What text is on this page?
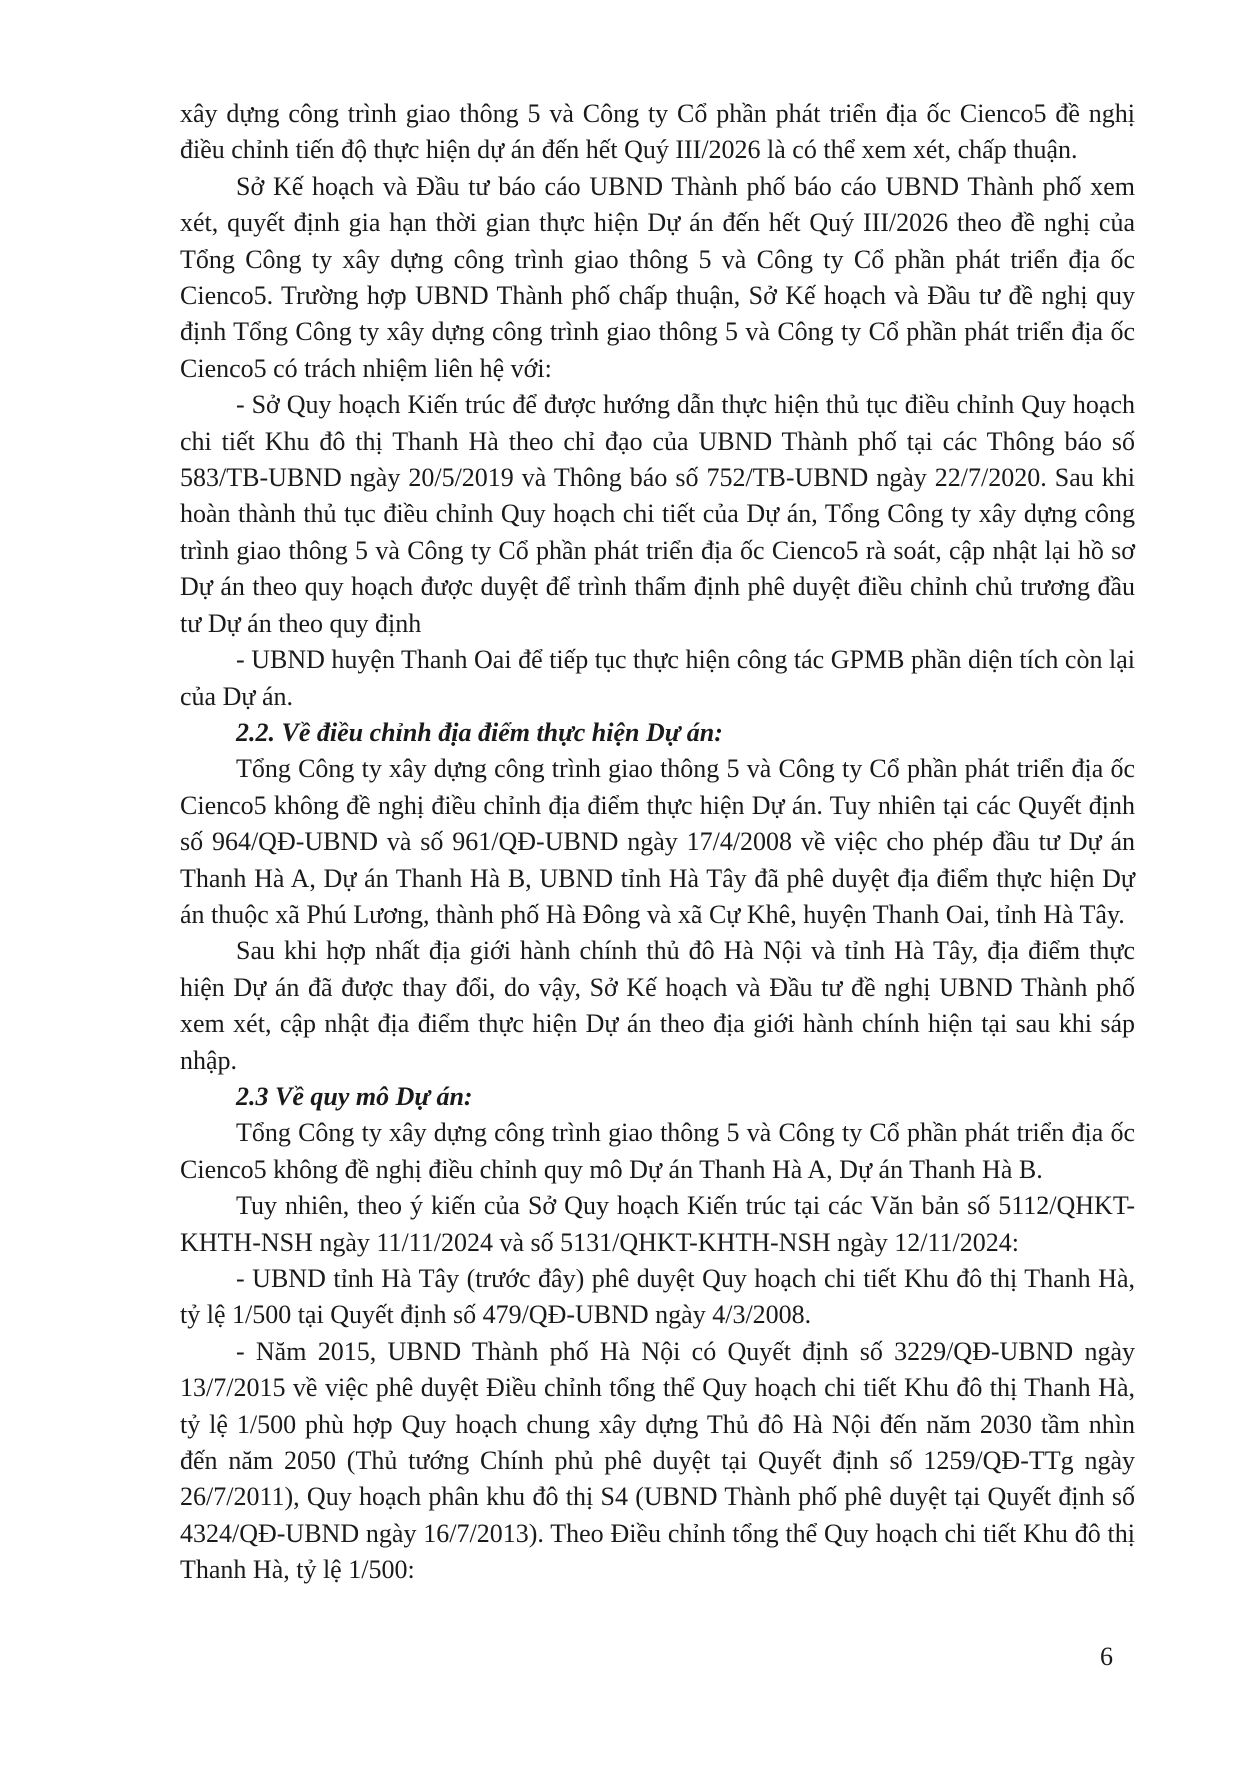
xây dựng công trình giao thông 5 và Công ty Cổ phần phát triển địa ốc Cienco5 đề nghị điều chỉnh tiến độ thực hiện dự án đến hết Quý III/2026 là có thể xem xét, chấp thuận.

Sở Kế hoạch và Đầu tư báo cáo UBND Thành phố báo cáo UBND Thành phố xem xét, quyết định gia hạn thời gian thực hiện Dự án đến hết Quý III/2026 theo đề nghị của Tổng Công ty xây dựng công trình giao thông 5 và Công ty Cổ phần phát triển địa ốc Cienco5. Trường hợp UBND Thành phố chấp thuận, Sở Kế hoạch và Đầu tư đề nghị quy định Tổng Công ty xây dựng công trình giao thông 5 và Công ty Cổ phần phát triển địa ốc Cienco5 có trách nhiệm liên hệ với:

- Sở Quy hoạch Kiến trúc để được hướng dẫn thực hiện thủ tục điều chỉnh Quy hoạch chi tiết Khu đô thị Thanh Hà theo chỉ đạo của UBND Thành phố tại các Thông báo số 583/TB-UBND ngày 20/5/2019 và Thông báo số 752/TB-UBND ngày 22/7/2020. Sau khi hoàn thành thủ tục điều chỉnh Quy hoạch chi tiết của Dự án, Tổng Công ty xây dựng công trình giao thông 5 và Công ty Cổ phần phát triển địa ốc Cienco5 rà soát, cập nhật lại hồ sơ Dự án theo quy hoạch được duyệt để trình thẩm định phê duyệt điều chỉnh chủ trương đầu tư Dự án theo quy định

- UBND huyện Thanh Oai để tiếp tục thực hiện công tác GPMB phần diện tích còn lại của Dự án.

2.2. Về điều chỉnh địa điểm thực hiện Dự án:

Tổng Công ty xây dựng công trình giao thông 5 và Công ty Cổ phần phát triển địa ốc Cienco5 không đề nghị điều chỉnh địa điểm thực hiện Dự án. Tuy nhiên tại các Quyết định số 964/QĐ-UBND và số 961/QĐ-UBND ngày 17/4/2008 về việc cho phép đầu tư Dự án Thanh Hà A, Dự án Thanh Hà B, UBND tỉnh Hà Tây đã phê duyệt địa điểm thực hiện Dự án thuộc xã Phú Lương, thành phố Hà Đông và xã Cự Khê, huyện Thanh Oai, tỉnh Hà Tây.

Sau khi hợp nhất địa giới hành chính thủ đô Hà Nội và tỉnh Hà Tây, địa điểm thực hiện Dự án đã được thay đổi, do vậy, Sở Kế hoạch và Đầu tư đề nghị UBND Thành phố xem xét, cập nhật địa điểm thực hiện Dự án theo địa giới hành chính hiện tại sau khi sáp nhập.

2.3 Về quy mô Dự án:

Tổng Công ty xây dựng công trình giao thông 5 và Công ty Cổ phần phát triển địa ốc Cienco5 không đề nghị điều chỉnh quy mô Dự án Thanh Hà A, Dự án Thanh Hà B.

Tuy nhiên, theo ý kiến của Sở Quy hoạch Kiến trúc tại các Văn bản số 5112/QHKT-KHTH-NSH ngày 11/11/2024 và số 5131/QHKT-KHTH-NSH ngày 12/11/2024:

- UBND tỉnh Hà Tây (trước đây) phê duyệt Quy hoạch chi tiết Khu đô thị Thanh Hà, tỷ lệ 1/500 tại Quyết định số 479/QĐ-UBND ngày 4/3/2008.

- Năm 2015, UBND Thành phố Hà Nội có Quyết định số 3229/QĐ-UBND ngày 13/7/2015 về việc phê duyệt Điều chỉnh tổng thể Quy hoạch chi tiết Khu đô thị Thanh Hà, tỷ lệ 1/500 phù hợp Quy hoạch chung xây dựng Thủ đô Hà Nội đến năm 2030 tầm nhìn đến năm 2050 (Thủ tướng Chính phủ phê duyệt tại Quyết định số 1259/QĐ-TTg ngày 26/7/2011), Quy hoạch phân khu đô thị S4 (UBND Thành phố phê duyệt tại Quyết định số 4324/QĐ-UBND ngày 16/7/2013). Theo Điều chỉnh tổng thể Quy hoạch chi tiết Khu đô thị Thanh Hà, tỷ lệ 1/500:

6
